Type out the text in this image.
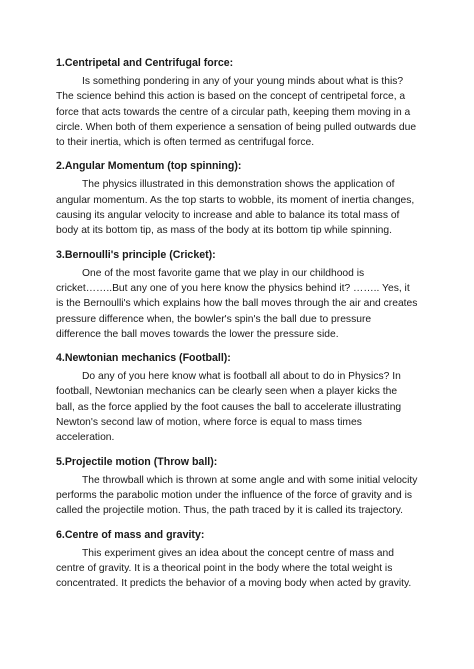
1.Centripetal and Centrifugal force:

Is something pondering in any of your young minds about what is this? The science behind this action is based on the concept of centripetal force, a force that acts towards the centre of a circular path, keeping them moving in a circle. When both of them experience a sensation of being pulled outwards due to their inertia, which is often termed as centrifugal force.

2.Angular Momentum (top spinning):

The physics illustrated in this demonstration shows the application of angular momentum. As the top starts to wobble, its moment of inertia changes, causing its angular velocity to increase and able to balance its total mass of body at its bottom tip, as mass of the body at its bottom tip while spinning.

3.Bernoulli's principle (Cricket):

One of the most favorite game that we play in our childhood is cricket……..But any one of you here know the physics behind it? …….. Yes, it is the Bernoulli's which explains how the ball moves through the air and creates pressure difference when, the bowler's spin's the ball due to pressure difference the ball moves towards the lower the pressure side.

4.Newtonian mechanics (Football):

Do any of you here know what is football all about to do in Physics? In football, Newtonian mechanics can be clearly seen when a player kicks the ball, as the force applied by the foot causes the ball to accelerate illustrating Newton's second law of motion, where force is equal to mass times acceleration.

5.Projectile motion (Throw ball):

The throwball which is thrown at some angle and with some initial velocity performs the parabolic motion under the influence of the force of gravity and is called the projectile motion. Thus, the path traced by it is called its trajectory.

6.Centre of mass and gravity:

This experiment gives an idea about the concept centre of mass and centre of gravity. It is a theorical point in the body where the total weight is concentrated. It predicts the behavior of a moving body when acted by gravity.
